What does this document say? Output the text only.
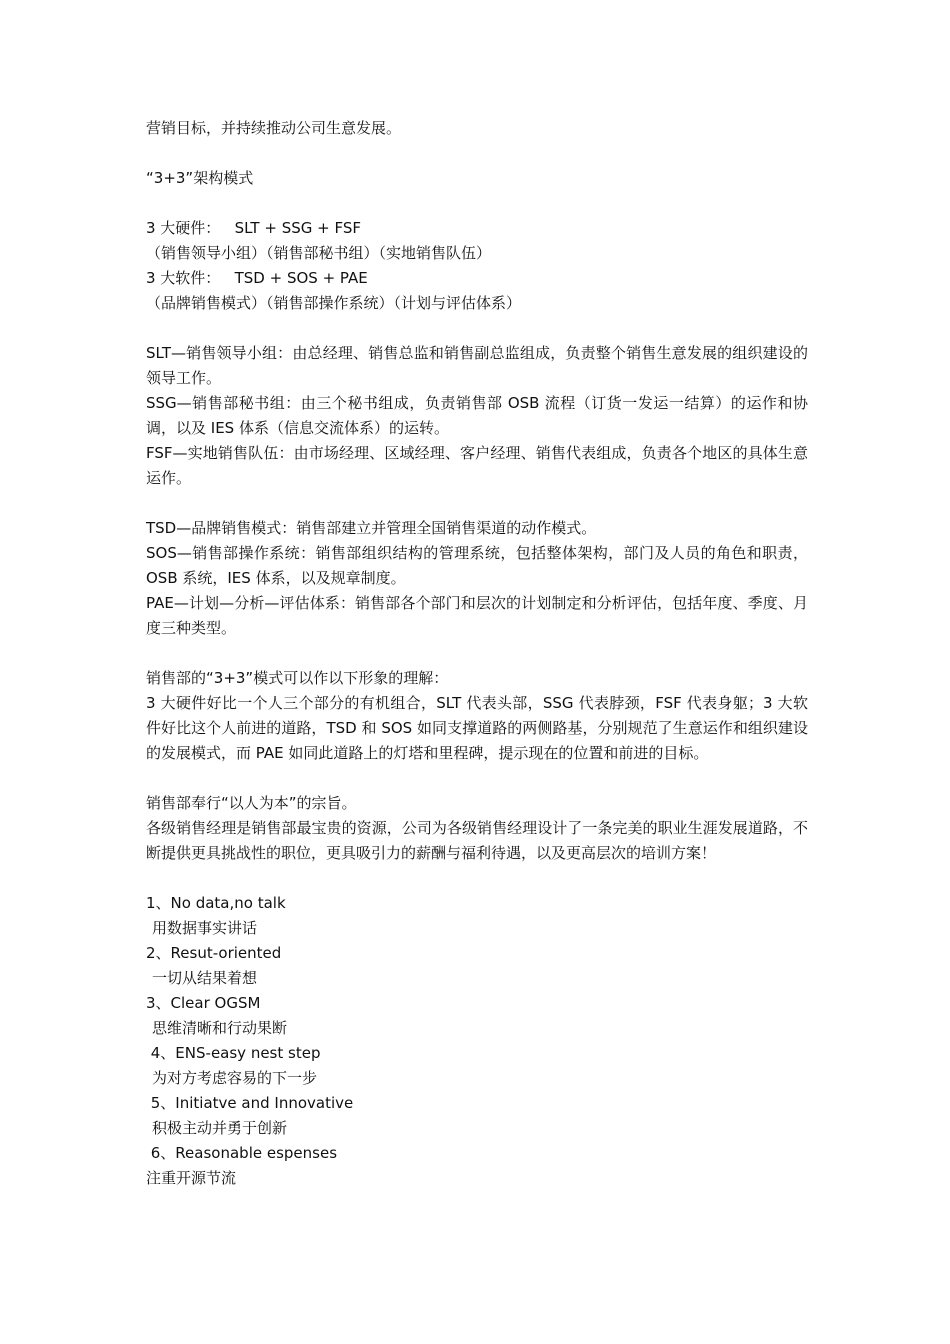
营销目标，并持续推动公司生意发展。
“3+3”架构模式
3 大硬件：   SLT + SSG + FSF
（销售领导小组）（销售部秘书组）（实地销售队伍）
3 大软件：   TSD + SOS + PAE
（品牌销售模式）（销售部操作系统）（计划与评估体系）

SLT—销售领导小组：由总经理、销售总监和销售副总监组成，负责整个销售生意发展的组织建设的领导工作。

SSG—销售部秘书组：由三个秘书组成，负责销售部 OSB 流程（订货一发运一结算）的运作和协调，以及 IES 体系（信息交流体系）的运转。

FSF—实地销售队伍：由市场经理、区域经理、客户经理、销售代表组成，负责各个地区的具体生意运作。

TSD—品牌销售模式：销售部建立并管理全国销售渠道的动作模式。

SOS—销售部操作系统：销售部组织结构的管理系统，包括整体架构，部门及人员的角色和职责，OSB 系统，IES 体系，以及规章制度。

PAE—计划—分析—评估体系：销售部各个部门和层次的计划制定和分析评估，包括年度、季度、月度三种类型。

销售部的“3+3”模式可以作以下形象的理解：

3 大硬件好比一个人三个部分的有机组合，SLT 代表头部，SSG 代表脖颈，FSF 代表身躯；3 大软件好比这个人前进的道路，TSD 和 SOS 如同支撑道路的两侧路基，分别规范了生意运作和组织建设的发展模式，而 PAE 如同此道路上的灯塔和里程碑，提示现在的位置和前进的目标。

销售部奉行“以人为本”的宗旨。

各级销售经理是销售部最宝贵的资源，公司为各级销售经理设计了一条完美的职业生涯发展道路，不断提供更具挑战性的职位，更具吸引力的薪酬与福利待遇，以及更高层次的培训方案！

1、No data,no talk
用数据事实讲话
2、Resut-oriented
一切从结果着想
3、Clear OGSM
思维清晰和行动果断
4、ENS-easy nest step
为对方考虑容易的下一步
5、Initiatve and Innovative
积极主动并勇于创新
6、Reasonable espenses
注重开源节流
